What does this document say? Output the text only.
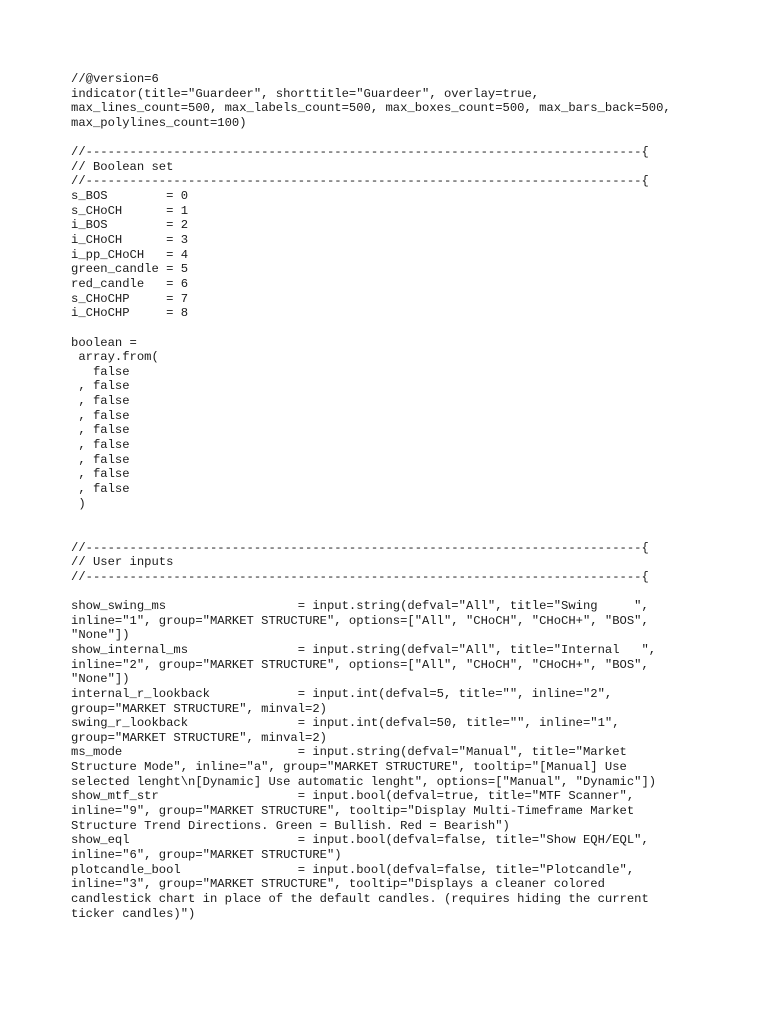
//@version=6
indicator(title="Guardeer", shorttitle="Guardeer", overlay=true,
max_lines_count=500, max_labels_count=500, max_boxes_count=500, max_bars_back=500,
max_polylines_count=100)
//----------------------------------------------------------------------------{
// Boolean set
//----------------------------------------------------------------------------{
s_BOS        = 0
s_CHoCH      = 1
i_BOS        = 2
i_CHoCH      = 3
i_pp_CHoCH   = 4
green_candle = 5
red_candle   = 6
s_CHoCHP     = 7
i_CHoCHP     = 8
boolean =
array.from(
false
, false
, false
, false
, false
, false
, false
, false
, false
)
//----------------------------------------------------------------------------{
// User inputs
//----------------------------------------------------------------------------{
show_swing_ms                  = input.string(defval="All", title="Swing     ",
inline="1", group="MARKET STRUCTURE", options=["All", "CHoCH", "CHoCH+", "BOS",
"None"])
show_internal_ms               = input.string(defval="All", title="Internal   ",
inline="2", group="MARKET STRUCTURE", options=["All", "CHoCH", "CHoCH+", "BOS",
"None"])
internal_r_lookback            = input.int(defval=5, title="", inline="2",
group="MARKET STRUCTURE", minval=2)
swing_r_lookback               = input.int(defval=50, title="", inline="1",
group="MARKET STRUCTURE", minval=2)
ms_mode                        = input.string(defval="Manual", title="Market
Structure Mode", inline="a", group="MARKET STRUCTURE", tooltip="[Manual] Use
selected lenght\n[Dynamic] Use automatic lenght", options=["Manual", "Dynamic"])
show_mtf_str                   = input.bool(defval=true, title="MTF Scanner",
inline="9", group="MARKET STRUCTURE", tooltip="Display Multi-Timeframe Market
Structure Trend Directions. Green = Bullish. Red = Bearish")
show_eql                       = input.bool(defval=false, title="Show EQH/EQL",
inline="6", group="MARKET STRUCTURE")
plotcandle_bool                = input.bool(defval=false, title="Plotcandle",
inline="3", group="MARKET STRUCTURE", tooltip="Displays a cleaner colored
candlestick chart in place of the default candles. (requires hiding the current
ticker candles)")
